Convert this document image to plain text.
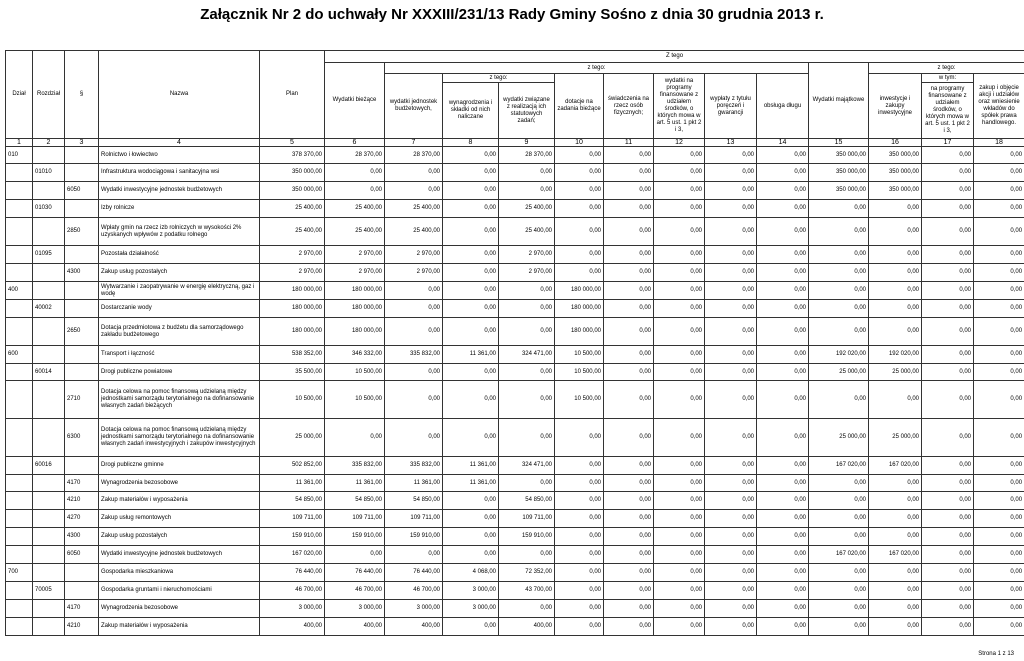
Załącznik Nr 2 do uchwały Nr XXXIII/231/13 Rady Gminy Sośno z dnia 30 grudnia 2013 r.
Dział	Rozdział	§	Nazwa	Plan	Z tego												
					Wydatki bieżące	z tego:								Wydatki majątkowe	z tego:		
						wydatki jednostek budżetowych,	z tego:		dotacje na zadania bieżące	świadczenia na rzecz osób fizycznych;	wydatki na programy finansowane z udziałem środków, o których mowa w art. 5 ust. 1 pkt 2 i 3,	wypłaty z tytułu poręczeń i gwarancji	obsługa długu		inwestycje i zakupy inwestycyjne	w tym:	zakup i objęcie akcji i udziałów oraz wniesienie wkładów do spółek prawa handlowego.
							wynagrodzenia i składki od nich naliczane	wydatki związane z realizacją ich statutowych zadań;								na programy finansowane z udziałem środków, o których mowa w art. 5 ust. 1 pkt 2 i 3,	
1	2	3	4	5	6	7	8	9	10	11	12	13	14	15	16	17	18
010			Rolnictwo i łowiectwo	378 370,00	28 370,00	28 370,00	0,00	28 370,00	0,00	0,00	0,00	0,00	0,00	350 000,00	350 000,00	0,00	0,00
	01010		Infrastruktura wodociągowa i sanitacyjna wsi	350 000,00	0,00	0,00	0,00	0,00	0,00	0,00	0,00	0,00	0,00	350 000,00	350 000,00	0,00	0,00
		6050	Wydatki inwestycyjne jednostek budżetowych	350 000,00	0,00	0,00	0,00	0,00	0,00	0,00	0,00	0,00	0,00	350 000,00	350 000,00	0,00	0,00
	01030		Izby rolnicze	25 400,00	25 400,00	25 400,00	0,00	25 400,00	0,00	0,00	0,00	0,00	0,00	0,00	0,00	0,00	0,00
		2850	Wpłaty gmin na rzecz izb rolniczych w wysokości 2% uzyskanych wpływów z podatku rolnego	25 400,00	25 400,00	25 400,00	0,00	25 400,00	0,00	0,00	0,00	0,00	0,00	0,00	0,00	0,00	0,00
	01095		Pozostała działalność	2 970,00	2 970,00	2 970,00	0,00	2 970,00	0,00	0,00	0,00	0,00	0,00	0,00	0,00	0,00	0,00
		4300	Zakup usług pozostałych	2 970,00	2 970,00	2 970,00	0,00	2 970,00	0,00	0,00	0,00	0,00	0,00	0,00	0,00	0,00	0,00
400			Wytwarzanie i zaopatrywanie w energię elektryczną, gaz i wodę	180 000,00	180 000,00	0,00	0,00	0,00	180 000,00	0,00	0,00	0,00	0,00	0,00	0,00	0,00	0,00
	40002		Dostarczanie wody	180 000,00	180 000,00	0,00	0,00	0,00	180 000,00	0,00	0,00	0,00	0,00	0,00	0,00	0,00	0,00
		2650	Dotacja przedmiotowa z budżetu dla samorządowego zakładu budżetowego	180 000,00	180 000,00	0,00	0,00	0,00	180 000,00	0,00	0,00	0,00	0,00	0,00	0,00	0,00	0,00
600			Transport i łączność	538 352,00	346 332,00	335 832,00	11 361,00	324 471,00	10 500,00	0,00	0,00	0,00	0,00	192 020,00	192 020,00	0,00	0,00
	60014		Drogi publiczne powiatowe	35 500,00	10 500,00	0,00	0,00	0,00	10 500,00	0,00	0,00	0,00	0,00	25 000,00	25 000,00	0,00	0,00
		2710	Dotacja celowa na pomoc finansową udzielaną między jednostkami samorządu terytorialnego na dofinansowanie własnych zadań bieżących	10 500,00	10 500,00	0,00	0,00	0,00	10 500,00	0,00	0,00	0,00	0,00	0,00	0,00	0,00	0,00
		6300	Dotacja celowa na pomoc finansową udzielaną między jednostkami samorządu terytorialnego na dofinansowanie własnych zadań inwestycyjnych i zakupów inwestycyjnych	25 000,00	0,00	0,00	0,00	0,00	0,00	0,00	0,00	0,00	0,00	25 000,00	25 000,00	0,00	0,00
	60016		Drogi publiczne gminne	502 852,00	335 832,00	335 832,00	11 361,00	324 471,00	0,00	0,00	0,00	0,00	0,00	167 020,00	167 020,00	0,00	0,00
		4170	Wynagrodzenia bezosobowe	11 361,00	11 361,00	11 361,00	11 361,00	0,00	0,00	0,00	0,00	0,00	0,00	0,00	0,00	0,00	0,00
		4210	Zakup materiałów i wyposażenia	54 850,00	54 850,00	54 850,00	0,00	54 850,00	0,00	0,00	0,00	0,00	0,00	0,00	0,00	0,00	0,00
		4270	Zakup usług remontowych	109 711,00	109 711,00	109 711,00	0,00	109 711,00	0,00	0,00	0,00	0,00	0,00	0,00	0,00	0,00	0,00
		4300	Zakup usług pozostałych	159 910,00	159 910,00	159 910,00	0,00	159 910,00	0,00	0,00	0,00	0,00	0,00	0,00	0,00	0,00	0,00
		6050	Wydatki inwestycyjne jednostek budżetowych	167 020,00	0,00	0,00	0,00	0,00	0,00	0,00	0,00	0,00	0,00	167 020,00	167 020,00	0,00	0,00
700			Gospodarka mieszkaniowa	76 440,00	76 440,00	76 440,00	4 068,00	72 352,00	0,00	0,00	0,00	0,00	0,00	0,00	0,00	0,00	0,00
	70005		Gospodarka gruntami i nieruchomościami	46 700,00	46 700,00	46 700,00	3 000,00	43 700,00	0,00	0,00	0,00	0,00	0,00	0,00	0,00	0,00	0,00
		4170	Wynagrodzenia bezosobowe	3 000,00	3 000,00	3 000,00	3 000,00	0,00	0,00	0,00	0,00	0,00	0,00	0,00	0,00	0,00	0,00
		4210	Zakup materiałów i wyposażenia	400,00	400,00	400,00	0,00	400,00	0,00	0,00	0,00	0,00	0,00	0,00	0,00	0,00	0,00
Strona 1 z 13
